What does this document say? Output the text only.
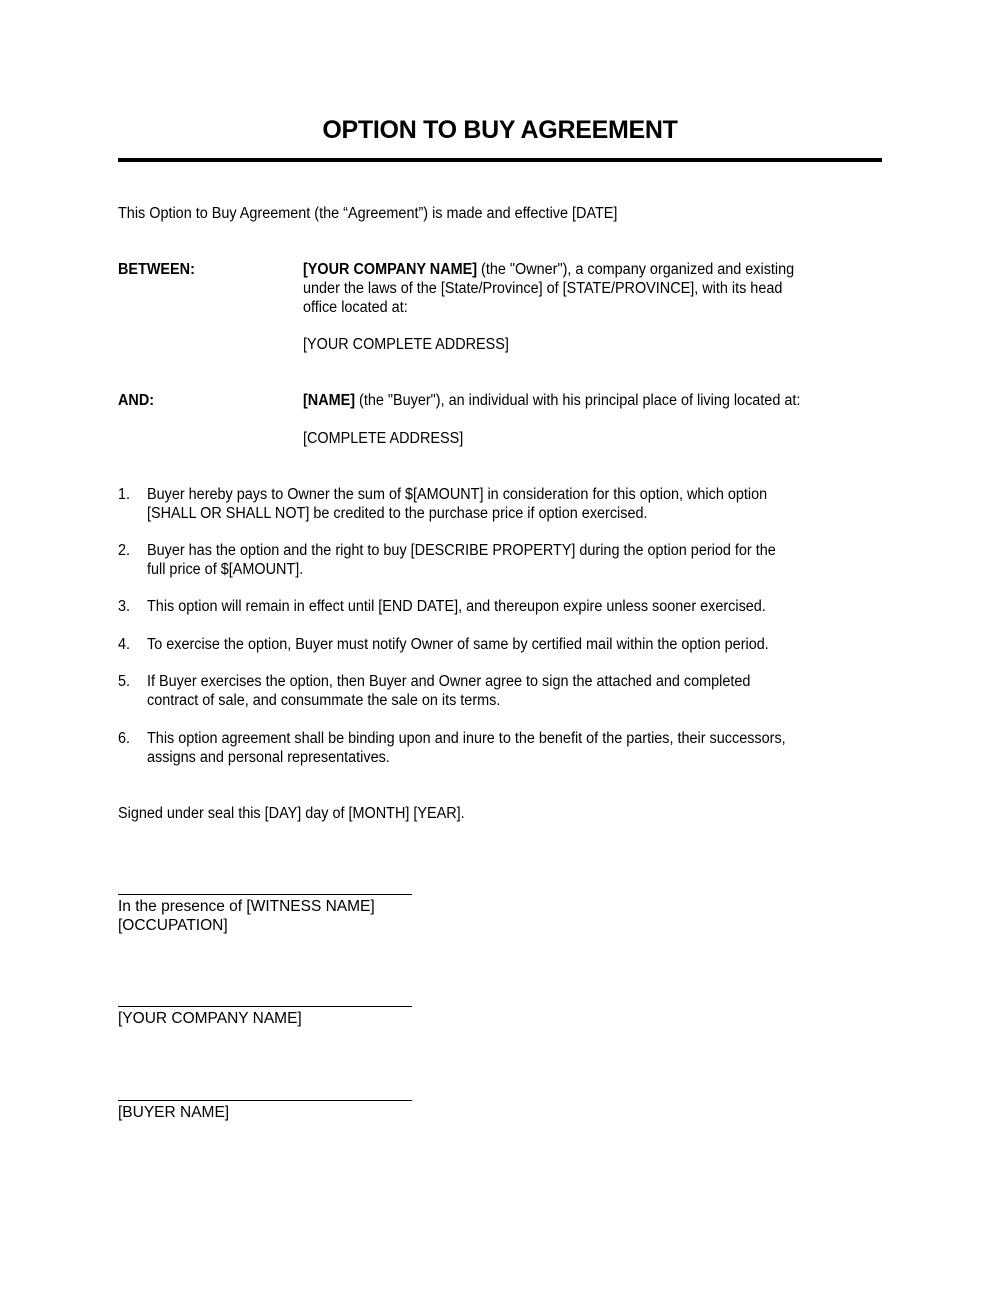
OPTION TO BUY AGREEMENT
This Option to Buy Agreement (the “Agreement”) is made and effective [DATE]
BETWEEN:	[YOUR COMPANY NAME] (the "Owner"), a company organized and existing
under the laws of the [State/Province] of [STATE/PROVINCE], with its head
office located at:
[YOUR COMPLETE ADDRESS]
AND:	[NAME] (the "Buyer"), an individual with his principal place of living located at:
[COMPLETE ADDRESS]
1. Buyer hereby pays to Owner the sum of $[AMOUNT] in consideration for this option, which option
[SHALL OR SHALL NOT] be credited to the purchase price if option exercised.
2. Buyer has the option and the right to buy [DESCRIBE PROPERTY] during the option period for the
full price of $[AMOUNT].
3. This option will remain in effect until [END DATE], and thereupon expire unless sooner exercised.
4. To exercise the option, Buyer must notify Owner of same by certified mail within the option period.
5. If Buyer exercises the option, then Buyer and Owner agree to sign the attached and completed
contract of sale, and consummate the sale on its terms.
6. This option agreement shall be binding upon and inure to the benefit of the parties, their successors,
assigns and personal representatives.
Signed under seal this [DAY] day of [MONTH] [YEAR].
In the presence of [WITNESS NAME]
[OCCUPATION]
[YOUR COMPANY NAME]
[BUYER NAME]
